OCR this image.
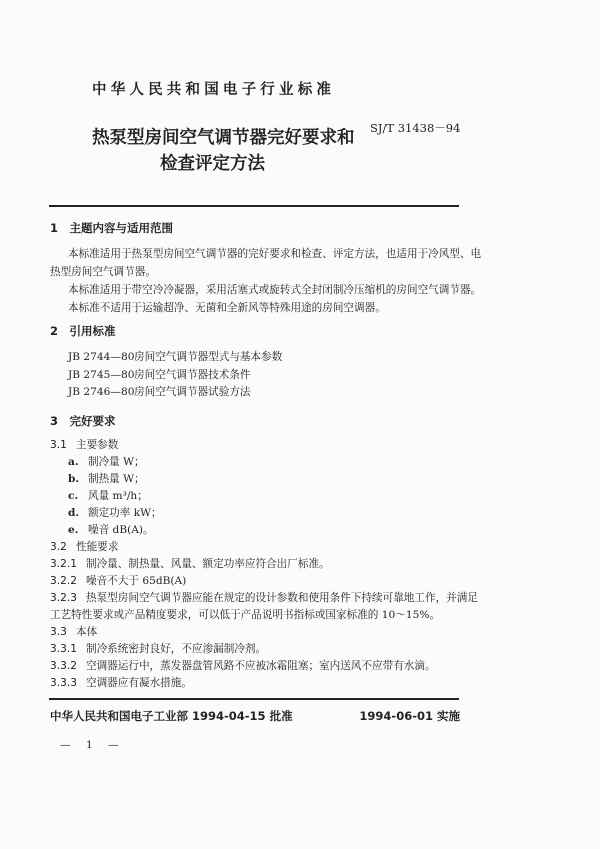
中华人民共和国电子行业标准
热泵型房间空气调节器完好要求和
检查评定方法
SJ/T 31438－94
1　主题内容与适用范围
本标准适用于热泵型房间空气调节器的完好要求和检查、评定方法，也适用于冷风型、电
热型房间空气调节器。
本标准适用于带空冷冷凝器，采用活塞式或旋转式全封闭制冷压缩机的房间空气调节器。
本标准不适用于运输超净、无菌和全新风等特殊用途的房间空调器。
2　引用标准
JB 2744—80房间空气调节器型式与基本参数
JB 2745—80房间空气调节器技术条件
JB 2746—80房间空气调节器试验方法
3　完好要求
3.1 主要参数
a. 制冷量 W；
b. 制热量 W；
c. 风量 m³/h；
d. 额定功率 kW；
e. 噪音 dB(A)。
3.2 性能要求
3.2.1 制冷量、制热量、风量、额定功率应符合出厂标准。
3.2.2 噪音不大于 65dB(A)
3.2.3 热泵型房间空气调节器应能在规定的设计参数和使用条件下持续可靠地工作，并满足
工艺特性要求或产品精度要求，可以低于产品说明书指标或国家标准的 10～15%。
3.3 本体
3.3.1 制冷系统密封良好，不应渗漏制冷剂。
3.3.2 空调器运行中，蒸发器盘管风路不应被冰霜阻塞；室内送风不应带有水滴。
3.3.3 空调器应有凝水措施。
中华人民共和国电子工业部 1994-04-15 批准	1994-06-01 实施
— 1 —
